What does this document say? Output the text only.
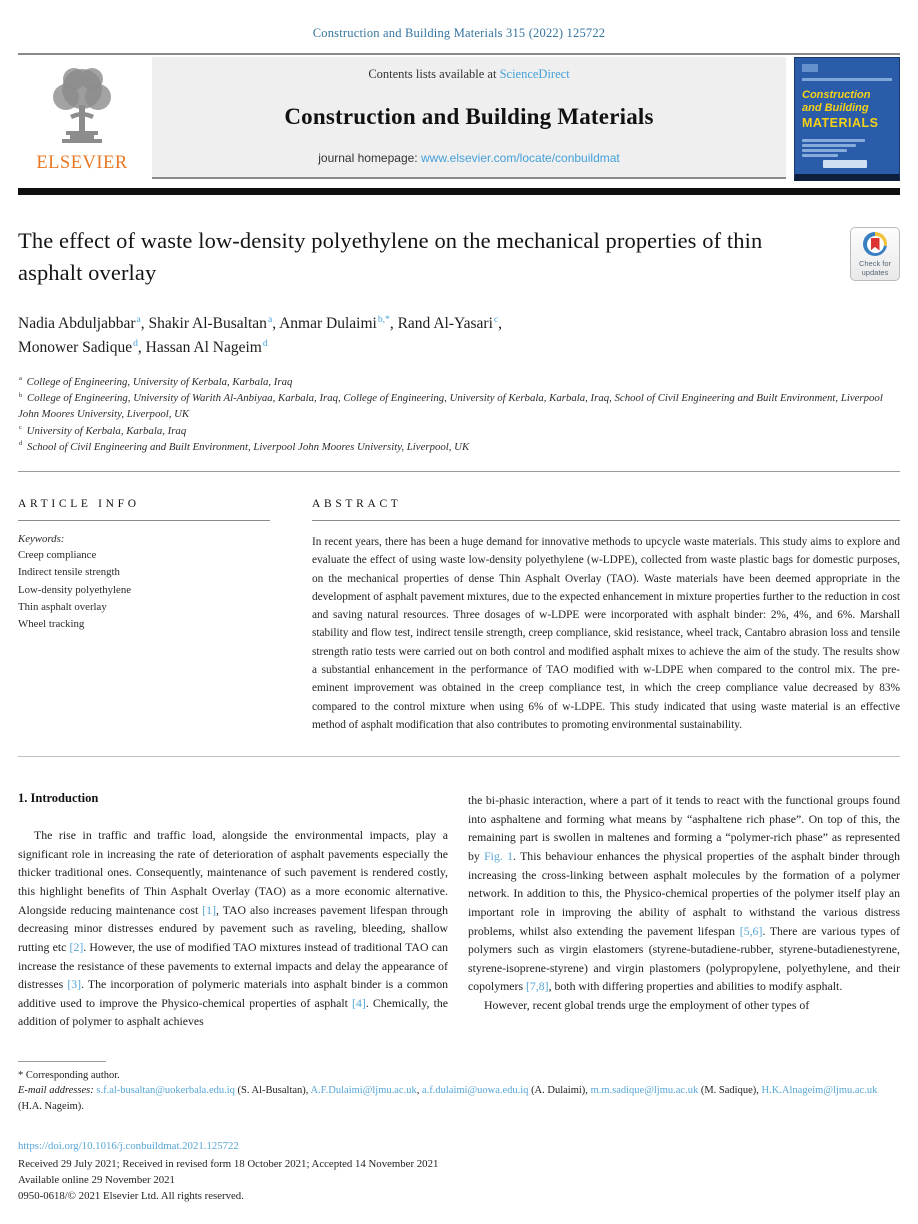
Construction and Building Materials 315 (2022) 125722
ELSEVIER
Contents lists available at ScienceDirect
Construction and Building Materials
journal homepage: www.elsevier.com/locate/conbuildmat
Construction
and Building
MATERIALS
The effect of waste low-density polyethylene on the mechanical properties of thin asphalt overlay	Check for
updates
Nadia Abduljabbar$^a$, Shakir Al-Busaltan$^a$, Anmar Dulaimi$^{b,*}$, Rand Al-Yasari$^c$,
Monower Sadique$^d$, Hassan Al Nageim$^d$
$^a$ College of Engineering, University of Kerbala, Karbala, Iraq
$^b$ College of Engineering, University of Warith Al-Anbiyaa, Karbala, Iraq, College of Engineering, University of Kerbala, Karbala, Iraq, School of Civil Engineering and Built Environment, Liverpool John Moores University, Liverpool, UK
$^c$ University of Kerbala, Karbala, Iraq
$^d$ School of Civil Engineering and Built Environment, Liverpool John Moores University, Liverpool, UK
ARTICLE INFO
Keywords:
Creep compliance
Indirect tensile strength
Low-density polyethylene
Thin asphalt overlay
Wheel tracking
ABSTRACT
In recent years, there has been a huge demand for innovative methods to upcycle waste materials. This study aims to explore and evaluate the effect of using waste low-density polyethylene (w-LDPE), collected from waste plastic bags for domestic purposes, on the mechanical properties of dense Thin Asphalt Overlay (TAO). Waste materials have been deemed appropriate in the development of asphalt pavement mixtures, due to the expected enhancement in mixture properties further to the reduction in cost and saving natural resources. Three dosages of w-LDPE were incorporated with asphalt binder: 2%, 4%, and 6%. Marshall stability and flow test, indirect tensile strength, creep compliance, skid resistance, wheel track, Cantabro abrasion loss and tensile strength ratio tests were carried out on both control and modified asphalt mixes to achieve the aim of the study. The results show a substantial enhancement in the performance of TAO modified with w-LDPE when compared to the control mix. The pre-eminent improvement was obtained in the creep compliance test, in which the creep compliance value decreased by 83% compared to the control mixture when using 6% of w-LDPE. This study indicated that using waste material is an effective method of asphalt modification that also contributes to promoting environmental sustainability.
1. Introduction

The rise in traffic and traffic load, alongside the environmental impacts, play a significant role in increasing the rate of deterioration of asphalt pavements especially the thicker traditional ones. Consequently, maintenance of such pavement is rendered costly, this highlight benefits of Thin Asphalt Overlay (TAO) as a more economic alternative. Alongside reducing maintenance cost [1], TAO also increases pavement lifespan through decreasing minor distresses endured by pavement such as raveling, bleeding, shallow rutting etc [2]. However, the use of modified TAO mixtures instead of traditional TAO can increase the resistance of these pavements to external impacts and delay the appearance of distresses [3]. The incorporation of polymeric materials into asphalt binder is a common additive used to improve the Physico-chemical properties of asphalt [4]. Chemically, the addition of polymer to asphalt achieves

the bi-phasic interaction, where a part of it tends to react with the functional groups found into asphaltene and forming what means by “asphaltene rich phase”. On top of this, the remaining part is swollen in maltenes and forming a “polymer-rich phase” as represented by Fig. 1. This behaviour enhances the physical properties of the asphalt binder through increasing the cross-linking between asphalt molecules by the formation of a polymer network. In addition to this, the Physico-chemical properties of the polymer itself play an important role in improving the ability of asphalt to withstand the various distress problems, whilst also extending the pavement lifespan [5,6]. There are various types of polymers such as virgin elastomers (styrene-butadiene-rubber, styrene-butadienestyrene, styrene-isoprene-styrene) and virgin plastomers (polypropylene, polyethylene, and their copolymers [7,8], both with differing properties and abilities to modify asphalt.

However, recent global trends urge the employment of other types of

* Corresponding author.
E-mail addresses: s.f.al-busaltan@uokerbala.edu.iq (S. Al-Busaltan), A.F.Dulaimi@ljmu.ac.uk, a.f.dulaimi@uowa.edu.iq (A. Dulaimi), m.m.sadique@ljmu.ac.uk (M. Sadique), H.K.Alnageim@ljmu.ac.uk (H.A. Nageim).
https://doi.org/10.1016/j.conbuildmat.2021.125722
Received 29 July 2021; Received in revised form 18 October 2021; Accepted 14 November 2021
Available online 29 November 2021
0950-0618/© 2021 Elsevier Ltd. All rights reserved.
